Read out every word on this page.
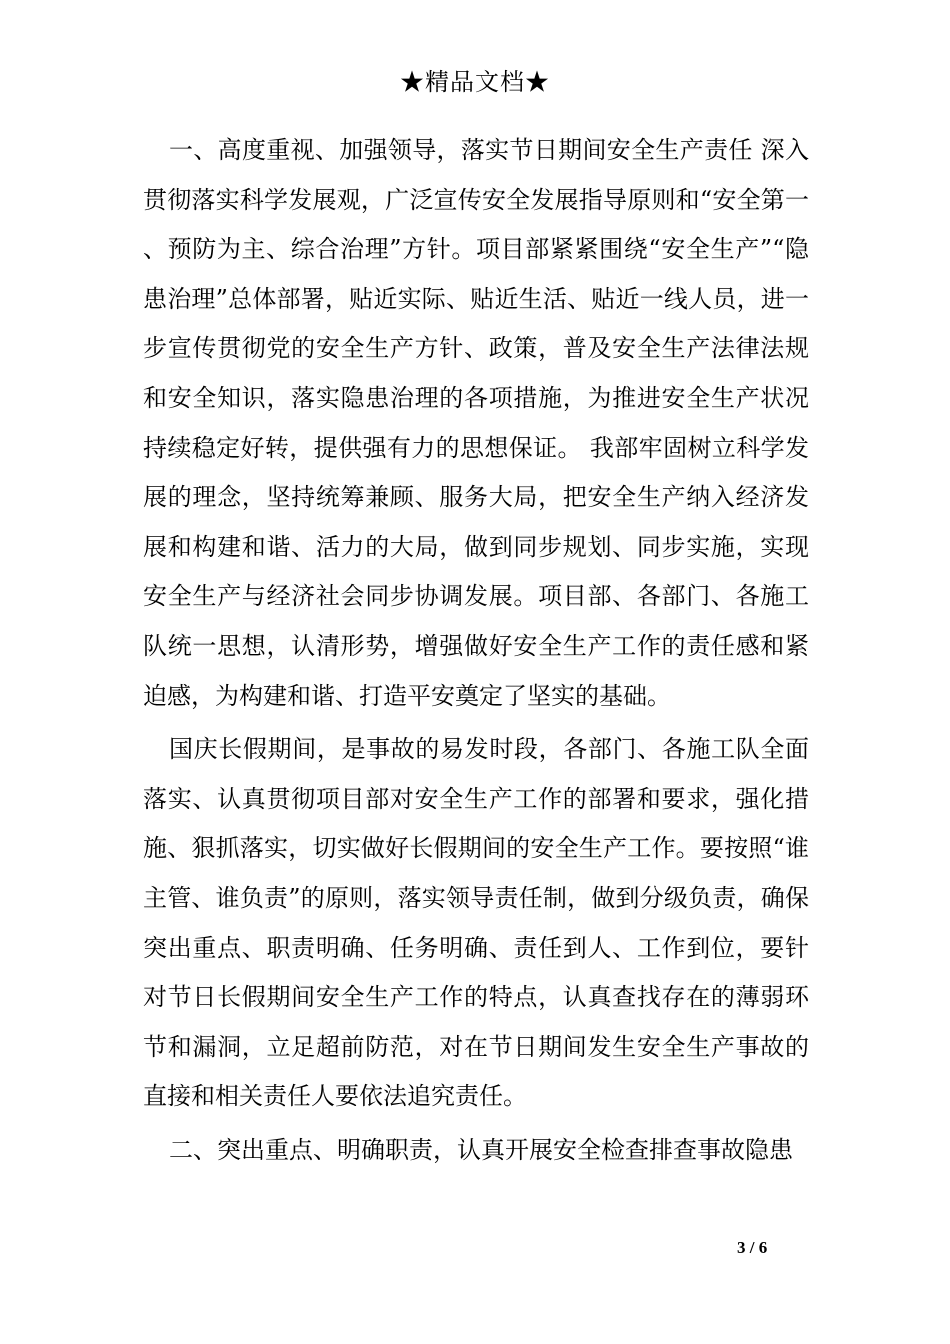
★精品文档★

一、高度重视、加强领导，落实节日期间安全生产责任 深入贯彻落实科学发展观，广泛宣传安全发展指导原则和“安全第一、预防为主、综合治理”方针。项目部紧紧围绕“安全生产”“隐患治理”总体部署，贴近实际、贴近生活、贴近一线人员，进一步宣传贯彻党的安全生产方针、政策，普及安全生产法律法规和安全知识，落实隐患治理的各项措施，为推进安全生产状况持续稳定好转，提供强有力的思想保证。 我部牢固树立科学发展的理念，坚持统筹兼顾、服务大局，把安全生产纳入经济发展和构建和谐、活力的大局，做到同步规划、同步实施，实现安全生产与经济社会同步协调发展。项目部、各部门、各施工队统一思想，认清形势，增强做好安全生产工作的责任感和紧迫感，为构建和谐、打造平安奠定了坚实的基础。

国庆长假期间，是事故的易发时段，各部门、各施工队全面落实、认真贯彻项目部对安全生产工作的部署和要求，强化措施、狠抓落实，切实做好长假期间的安全生产工作。要按照“谁主管、谁负责”的原则，落实领导责任制，做到分级负责，确保突出重点、职责明确、任务明确、责任到人、工作到位，要针对节日长假期间安全生产工作的特点，认真查找存在的薄弱环节和漏洞，立足超前防范，对在节日期间发生安全生产事故的直接和相关责任人要依法追究责任。

二、突出重点、明确职责，认真开展安全检查排查事故隐患

3 / 6
